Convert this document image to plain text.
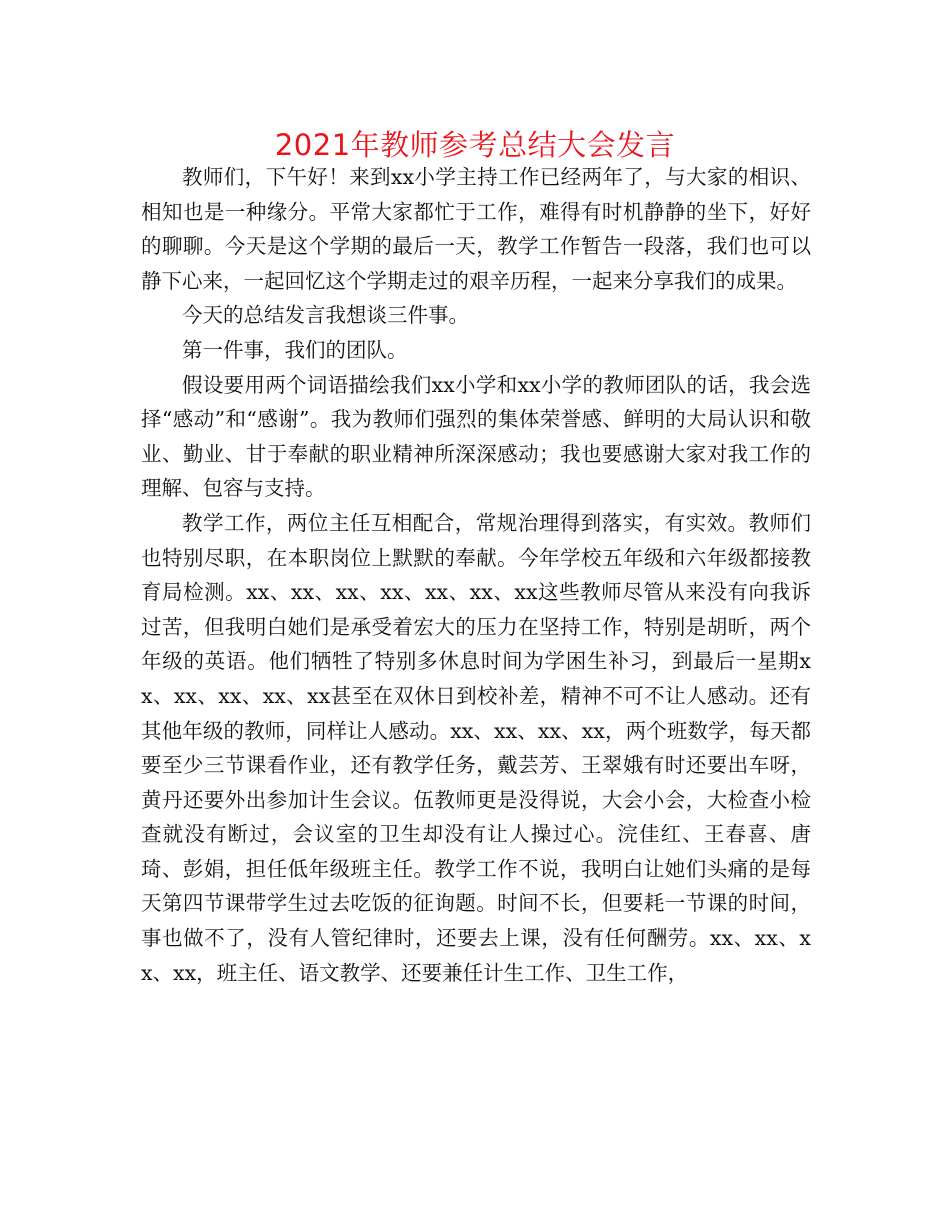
2021年教师参考总结大会发言

教师们，下午好！来到xx小学主持工作已经两年了，与大家的相识、相知也是一种缘分。平常大家都忙于工作，难得有时机静静的坐下，好好的聊聊。今天是这个学期的最后一天，教学工作暂告一段落，我们也可以静下心来，一起回忆这个学期走过的艰辛历程，一起来分享我们的成果。

今天的总结发言我想谈三件事。

第一件事，我们的团队。

假设要用两个词语描绘我们xx小学和xx小学的教师团队的话，我会选择“感动”和“感谢”。我为教师们强烈的集体荣誉感、鲜明的大局认识和敬业、勤业、甘于奉献的职业精神所深深感动；我也要感谢大家对我工作的理解、包容与支持。

教学工作，两位主任互相配合，常规治理得到落实，有实效。教师们也特别尽职，在本职岗位上默默的奉献。今年学校五年级和六年级都接教育局检测。xx、xx、xx、xx、xx、xx、xx这些教师尽管从来没有向我诉过苦，但我明白她们是承受着宏大的压力在坚持工作，特别是胡昕，两个年级的英语。他们牺牲了特别多休息时间为学困生补习，到最后一星期xx、xx、xx、xx、xx甚至在双休日到校补差，精神不可不让人感动。还有其他年级的教师，同样让人感动。xx、xx、xx、xx，两个班数学，每天都要至少三节课看作业，还有教学任务，戴芸芳、王翠娥有时还要出车呀，黄丹还要外出参加计生会议。伍教师更是没得说，大会小会，大检查小检查就没有断过，会议室的卫生却没有让人操过心。浣佳红、王春喜、唐琦、彭娟，担任低年级班主任。教学工作不说，我明白让她们头痛的是每天第四节课带学生过去吃饭的征询题。时间不长，但要耗一节课的时间，事也做不了，没有人管纪律时，还要去上课，没有任何酬劳。xx、xx、xx、xx，班主任、语文教学、还要兼任计生工作、卫生工作，
